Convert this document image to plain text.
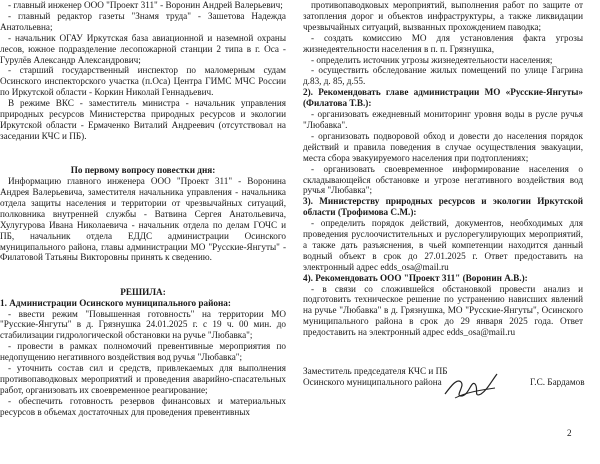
- главный инженер ООО "Проект 311" - Воронин Андрей Валерьевич;

- главный редактор газеты "Знамя труда" - Зашетова Надежда Анатольевна;

- начальник ОГАУ Иркутская база авиационной и наземной охраны лесов, южное подразделение лесопожарной станции 2 типа в г. Оса - Гурулёв Александр Александрович;

- старший государственный инспектор по маломерным судам Осинского инспекторского участка (п.Оса) Центра ГИМС МЧС России по Иркутской области - Коркин Николай Геннадьевич.

В режиме ВКС - заместитель министра - начальник управления природных ресурсов Министерства природных ресурсов и экологии Иркутской области - Ермаченко Виталий Андреевич (отсутствовал на заседании КЧС и ПБ).

По первому вопросу повестки дня:

Информацию главного инженера ООО "Проект 311" - Воронина Андрея Валерьевича, заместителя начальника управления - начальника отдела защиты населения и территории от чрезвычайных ситуаций, полковника внутренней службы - Ватвина Сергея Анатольевича, Хулугурова Ивана Николаевича - начальник отдела по делам ГОЧС и ПБ, начальник отдела ЕДДС администрации Осинского муниципального района, главы администрации МО "Русские-Янгуты" - Филатовой Татьяны Викторовны принять к сведению.

РЕШИЛА:

1. Администрации Осинского муниципального района:

- ввести режим "Повышенная готовность" на территории МО "Русские-Янгуты" в д. Грязнушка 24.01.2025 г. с 19 ч. 00 мин. до стабилизации гидрологической обстановки на ручье "Любавка";

- провести в рамках полномочий превентивные мероприятия по недопущению негативного воздействия вод ручья "Любавка";

- уточнить состав сил и средств, привлекаемых для выполнения противопаводковых мероприятий и проведения аварийно-спасательных работ, организовать их своевременное реагирование;

- обеспечить готовность резервов финансовых и материальных ресурсов в объемах достаточных для проведения превентивных

противопаводковых мероприятий, выполнения работ по защите от затопления дорог и объектов инфраструктуры, а также ликвидации чрезвычайных ситуаций, вызванных прохождением паводка;

- создать комиссию МО для установления факта угрозы жизнедеятельности населения в п. п. Грязнушка,

- определить источник угрозы жизнедеятельности населения;

- осуществить обследование жилых помещений по улице Гагрина д.83, д. 85, д.55.

2). Рекомендовать главе администрации МО «Русские-Янгуты» (Филатова Т.В.):

- организовать ежедневный мониторинг уровня воды в русле ручья "Любавка".

- организовать подворовой обход и довести до населения порядок действий и правила поведения в случае осуществления эвакуации, места сбора эвакуируемого населения при подтоплениях;

- организовать своевременное информирование населения о складывающейся обстановке и угрозе негативного воздействия вод ручья "Любавка";

3). Министерству природных ресурсов и экологии Иркутской области (Трофимова С.М.):

- определить порядок действий, документов, необходимых для проведения руслоочистительных и руслорегулирующих мероприятий, а также дать разъяснения, в чьей компетенции находится данный водный объект в срок до 27.01.2025 г. Ответ предоставить на электронный адрес edds_osa@mail.ru

4). Рекомендовать ООО "Проект 311" (Воронин А.В.):

- в связи со сложившейся обстановкой провести анализ и подготовить техническое решение по устранению нависших явлений на ручье "Любавка" в д. Грязнушка, МО "Русские-Янгуты", Осинского муниципального района в срок до 29 января 2025 года. Ответ предоставить на электронный адрес edds_osa@mail.ru

Заместитель председателя КЧС и ПБ
Осинского муниципального района	Г.С. Бардамов
2
